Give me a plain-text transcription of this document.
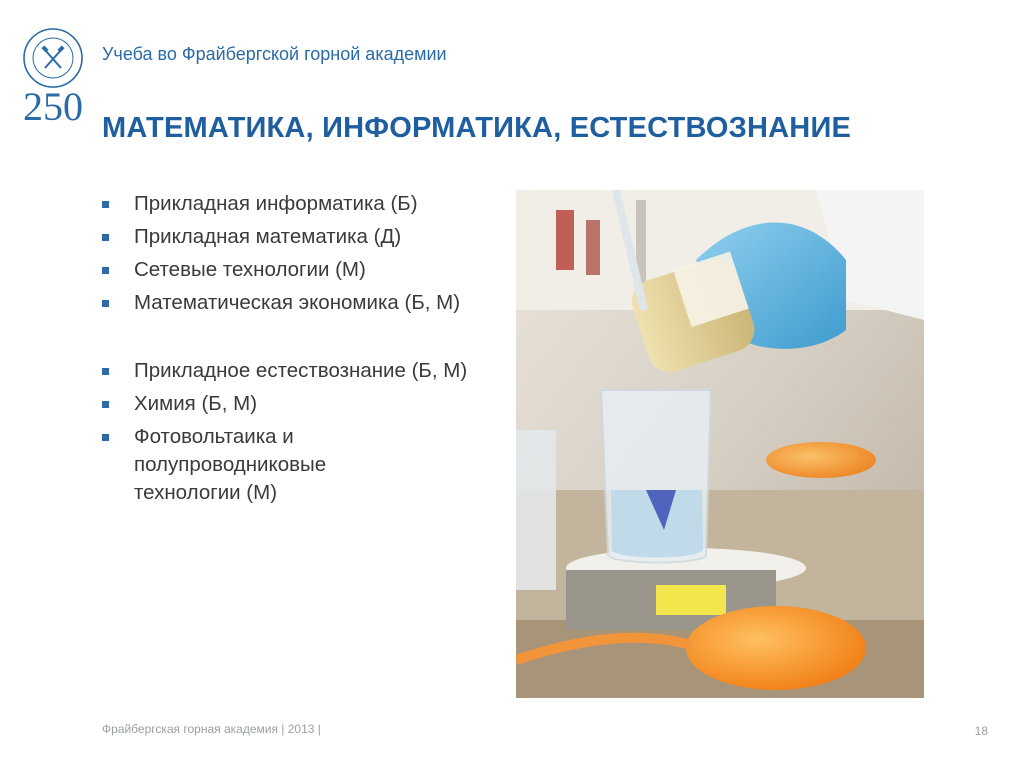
250
Учеба во Фрайбергской горной академии
МАТЕМАТИКА, ИНФОРМАТИКА, ЕСТЕСТВОЗНАНИЕ
Прикладная информатика (Б)
Прикладная математика (Д)
Сетевые технологии (М)
Математическая экономика (Б, М)
Прикладное естествознание (Б, М)
Химия (Б, М)
Фотовольтаика и полупроводниковые технологии (М)
Фрайбергская горная академия | 2013 |	18
